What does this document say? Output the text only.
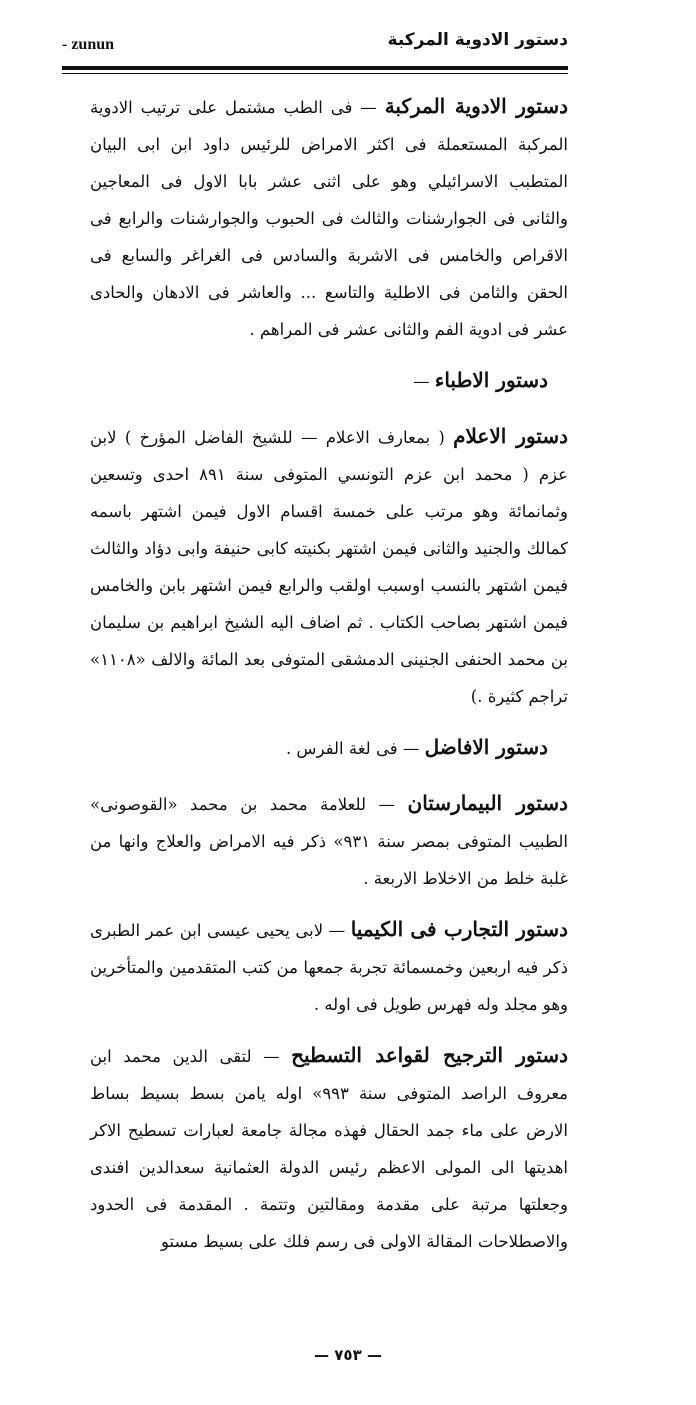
- zunun	دستور الادوية المركبة

دستور الادوية المركبة — فى الطب مشتمل على ترتيب الادوية المركبة المستعملة فى اكثر الامراض للرئيس داود ابن ابى البيان المتطبب الاسرائيلي وهو على اثنى عشر بابا الاول فى المعاجين والثانى فى الجوارشنات والثالث فى الحبوب والجوارشنات والرابع فى الاقراص والخامس فى الاشربة والسادس فى الغراغر والسابع فى الحقن والثامن فى الاطلية والتاسع ... والعاشر فى الادهان والحادى عشر فى ادوية الفم والثانى عشر فى المراهم .

دستور الاطباء —

دستور الاعلام ( بمعارف الاعلام — للشيخ الفاضل المؤرخ ) لابن عزم ( محمد ابن عزم التونسي المتوفى سنة ٨٩١ احدى وتسعين وثمانمائة وهو مرتب على خمسة اقسام الاول فيمن اشتهر باسمه كمالك والجنيد والثانى فيمن اشتهر بكنيته كابى حنيفة وابى دؤاد والثالث فيمن اشتهر بالنسب اوسبب اولقب والرابع فيمن اشتهر بابن والخامس فيمن اشتهر بصاحب الكتاب . ثم اضاف اليه الشيخ ابراهيم بن سليمان بن محمد الحنفى الجنينى الدمشقى المتوفى بعد المائة والالف «١١٠٨» تراجم كثيرة .)

دستور الافاضل — فى لغة الفرس .

دستور البيمارستان — للعلامة محمد بن محمد «القوصونى» الطبيب المتوفى بمصر سنة ٩٣١» ذكر فيه الامراض والعلاج وانها من غلبة خلط من الاخلاط الاربعة .

دستور التجارب فى الكيميا — لابى يحيى عيسى ابن عمر الطبرى ذكر فيه اربعين وخمسمائة تجربة جمعها من كتب المتقدمين والمتأخرين وهو مجلد وله فهرس طويل فى اوله .

دستور الترجيح لقواعد التسطيح — لتقى الدين محمد ابن معروف الراصد المتوفى سنة ٩٩٣» اوله يامن بسط بسيط بساط الارض على ماء جمد الحقال فهذه مجالة جامعة لعبارات تسطيح الاكر اهديتها الى المولى الاعظم رئيس الدولة العثمانية سعدالدين افندى وجعلتها مرتبة على مقدمة ومقالتين وتتمة . المقدمة فى الحدود والاصطلاحات المقالة الاولى فى رسم فلك على بسيط مستو

— ٧٥٣ —
